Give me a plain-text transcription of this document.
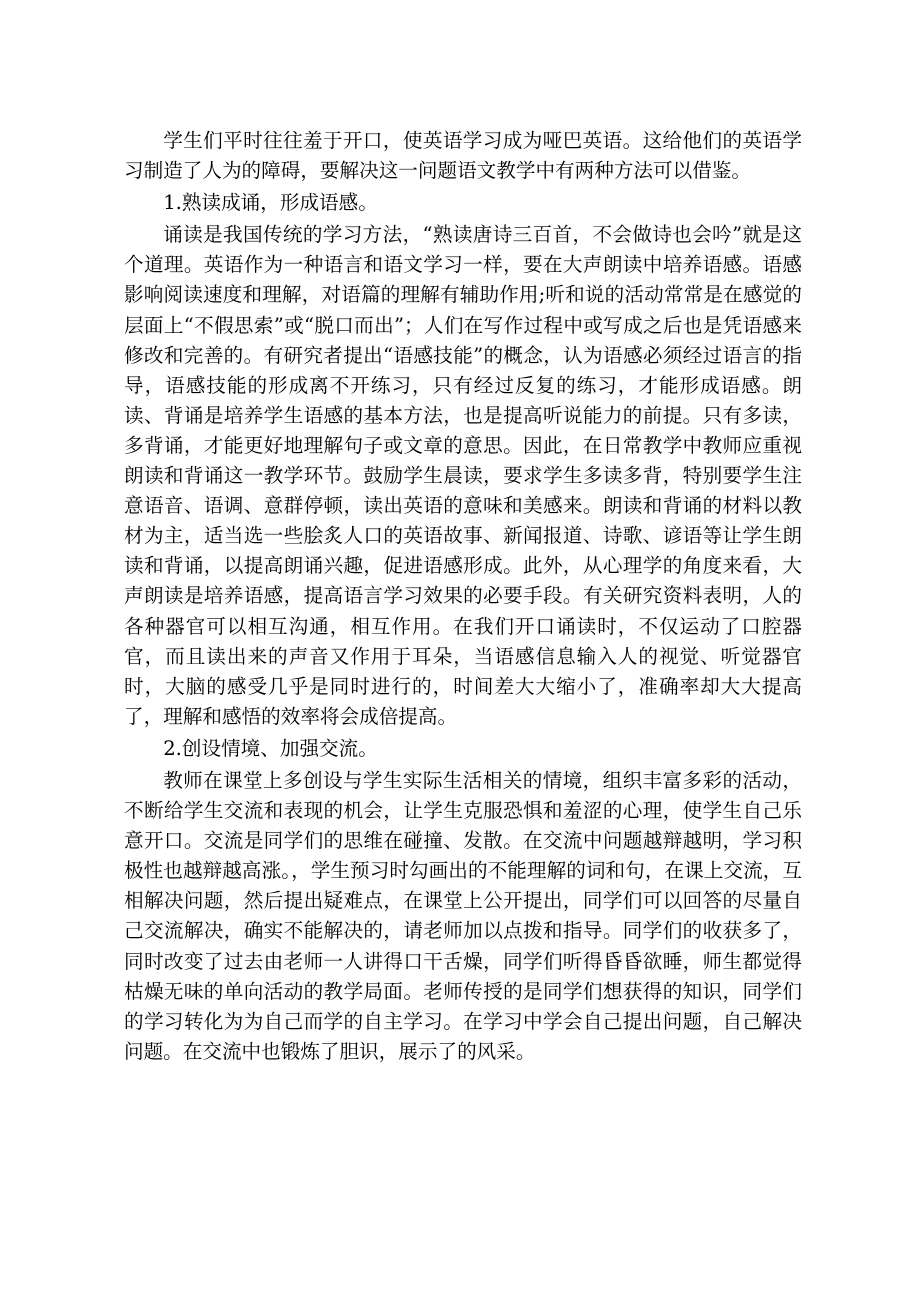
学生们平时往往羞于开口，使英语学习成为哑巴英语。这给他们的英语学习制造了人为的障碍，要解决这一问题语文教学中有两种方法可以借鉴。

1.熟读成诵，形成语感。

诵读是我国传统的学习方法，“熟读唐诗三百首，不会做诗也会吟”就是这个道理。英语作为一种语言和语文学习一样，要在大声朗读中培养语感。语感影响阅读速度和理解，对语篇的理解有辅助作用;听和说的活动常常是在感觉的层面上“不假思索”或“脱口而出”；人们在写作过程中或写成之后也是凭语感来修改和完善的。有研究者提出“语感技能”的概念，认为语感必须经过语言的指导，语感技能的形成离不开练习，只有经过反复的练习，才能形成语感。朗读、背诵是培养学生语感的基本方法，也是提高听说能力的前提。只有多读，多背诵，才能更好地理解句子或文章的意思。因此，在日常教学中教师应重视朗读和背诵这一教学环节。鼓励学生晨读，要求学生多读多背，特别要学生注意语音、语调、意群停顿，读出英语的意味和美感来。朗读和背诵的材料以教材为主，适当选一些脍炙人口的英语故事、新闻报道、诗歌、谚语等让学生朗读和背诵，以提高朗诵兴趣，促进语感形成。此外，从心理学的角度来看，大声朗读是培养语感，提高语言学习效果的必要手段。有关研究资料表明，人的各种器官可以相互沟通，相互作用。在我们开口诵读时，不仅运动了口腔器官，而且读出来的声音又作用于耳朵，当语感信息输入人的视觉、听觉器官时，大脑的感受几乎是同时进行的，时间差大大缩小了，准确率却大大提高了，理解和感悟的效率将会成倍提高。

2.创设情境、加强交流。

教师在课堂上多创设与学生实际生活相关的情境，组织丰富多彩的活动，不断给学生交流和表现的机会，让学生克服恐惧和羞涩的心理，使学生自己乐意开口。交流是同学们的思维在碰撞、发散。在交流中问题越辩越明，学习积极性也越辩越高涨。，学生预习时勾画出的不能理解的词和句，在课上交流，互相解决问题，然后提出疑难点，在课堂上公开提出，同学们可以回答的尽量自己交流解决，确实不能解决的，请老师加以点拨和指导。同学们的收获多了，同时改变了过去由老师一人讲得口干舌燥，同学们听得昏昏欲睡，师生都觉得枯燥无味的单向活动的教学局面。老师传授的是同学们想获得的知识，同学们的学习转化为为自己而学的自主学习。在学习中学会自己提出问题，自己解决问题。在交流中也锻炼了胆识，展示了的风采。
